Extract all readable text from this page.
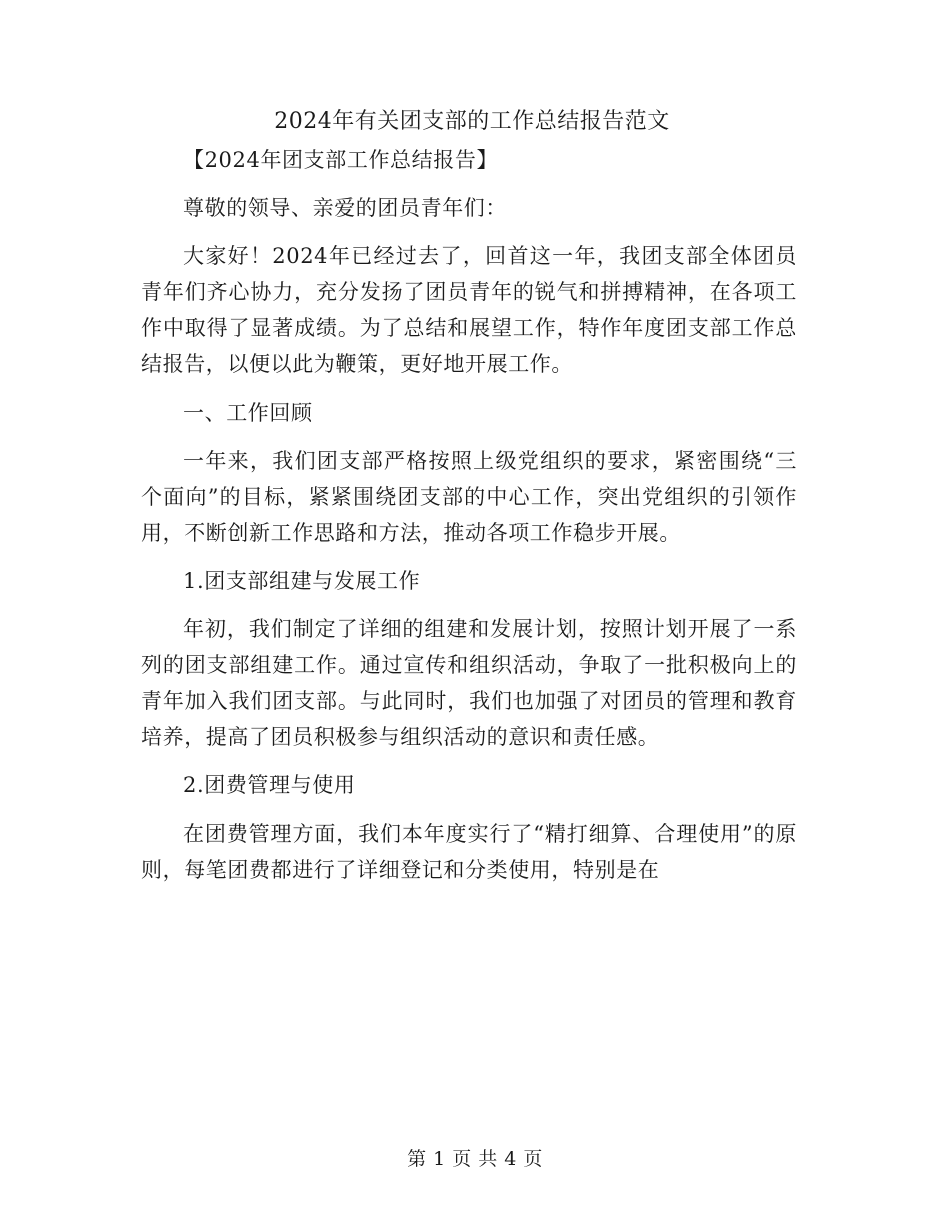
2024年有关团支部的工作总结报告范文

【2024年团支部工作总结报告】

尊敬的领导、亲爱的团员青年们：

大家好！2024年已经过去了，回首这一年，我团支部全体团员青年们齐心协力，充分发扬了团员青年的锐气和拼搏精神，在各项工作中取得了显著成绩。为了总结和展望工作，特作年度团支部工作总结报告，以便以此为鞭策，更好地开展工作。

一、工作回顾

一年来，我们团支部严格按照上级党组织的要求，紧密围绕“三个面向”的目标，紧紧围绕团支部的中心工作，突出党组织的引领作用，不断创新工作思路和方法，推动各项工作稳步开展。

1.团支部组建与发展工作

年初，我们制定了详细的组建和发展计划，按照计划开展了一系列的团支部组建工作。通过宣传和组织活动，争取了一批积极向上的青年加入我们团支部。与此同时，我们也加强了对团员的管理和教育培养，提高了团员积极参与组织活动的意识和责任感。

2.团费管理与使用

在团费管理方面，我们本年度实行了“精打细算、合理使用”的原则，每笔团费都进行了详细登记和分类使用，特别是在

第 1 页 共 4 页
